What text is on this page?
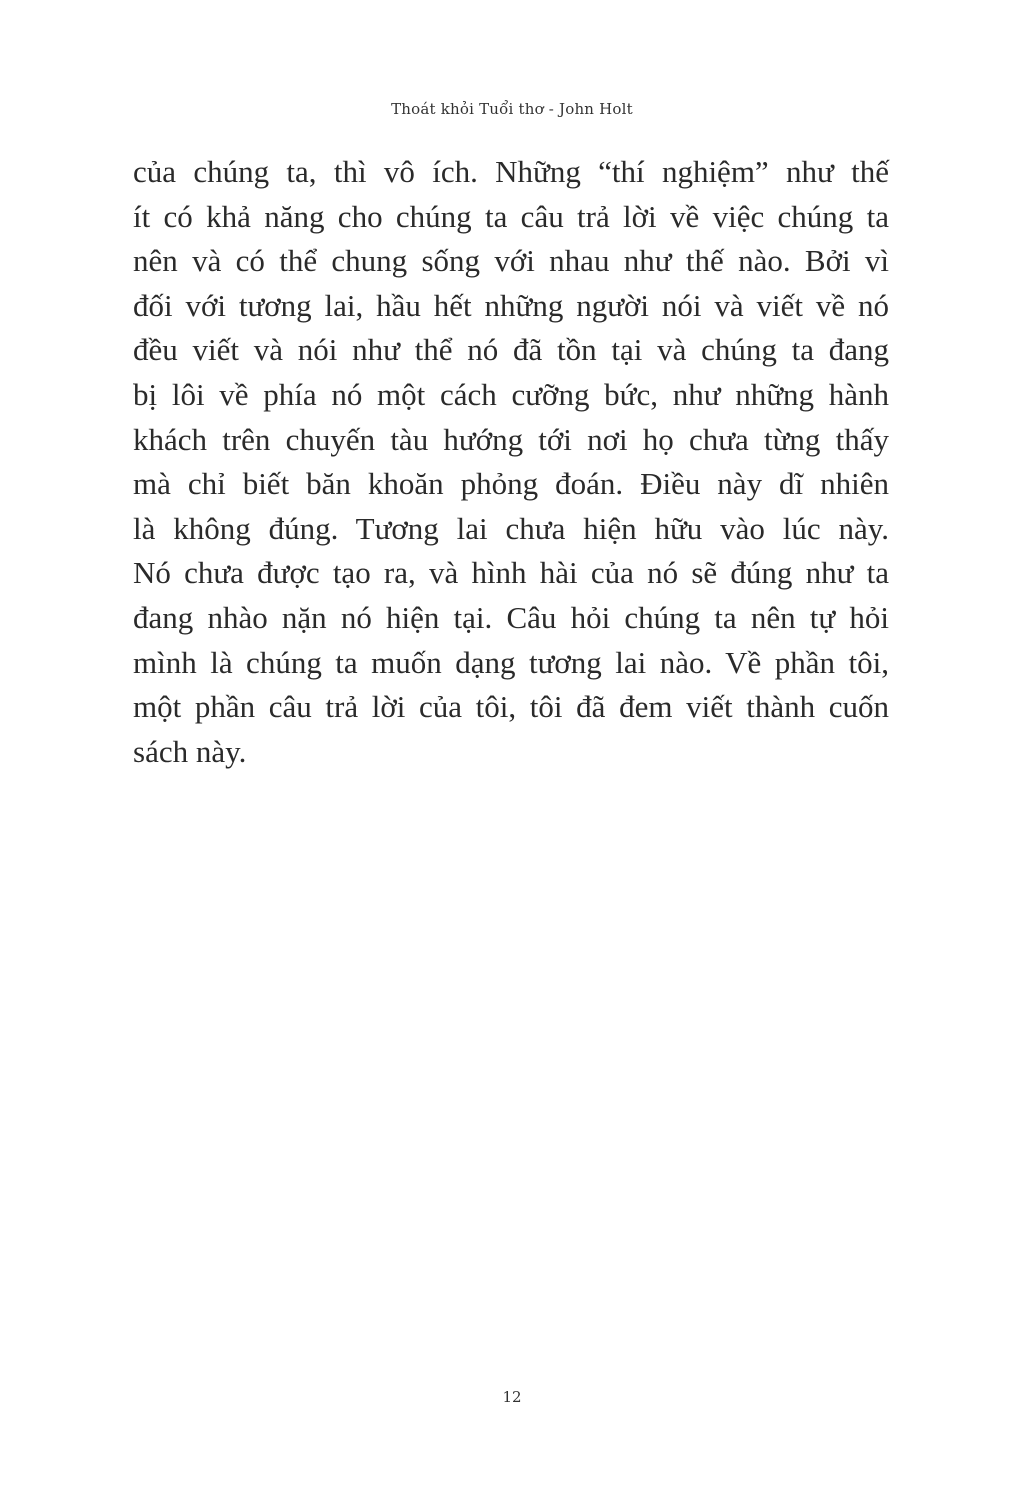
Thoát khỏi Tuổi thơ - John Holt

của chúng ta, thì vô ích. Những “thí nghiệm” như thế
ít có khả năng cho chúng ta câu trả lời về việc chúng ta
nên và có thể chung sống với nhau như thế nào. Bởi vì
đối với tương lai, hầu hết những người nói và viết về nó
đều viết và nói như thể nó đã tồn tại và chúng ta đang
bị lôi về phía nó một cách cưỡng bức, như những hành
khách trên chuyến tàu hướng tới nơi họ chưa từng thấy
mà chỉ biết băn khoăn phỏng đoán. Điều này dĩ nhiên
là không đúng. Tương lai chưa hiện hữu vào lúc này.
Nó chưa được tạo ra, và hình hài của nó sẽ đúng như ta
đang nhào nặn nó hiện tại. Câu hỏi chúng ta nên tự hỏi
mình là chúng ta muốn dạng tương lai nào. Về phần tôi,
một phần câu trả lời của tôi, tôi đã đem viết thành cuốn
sách này.

12
